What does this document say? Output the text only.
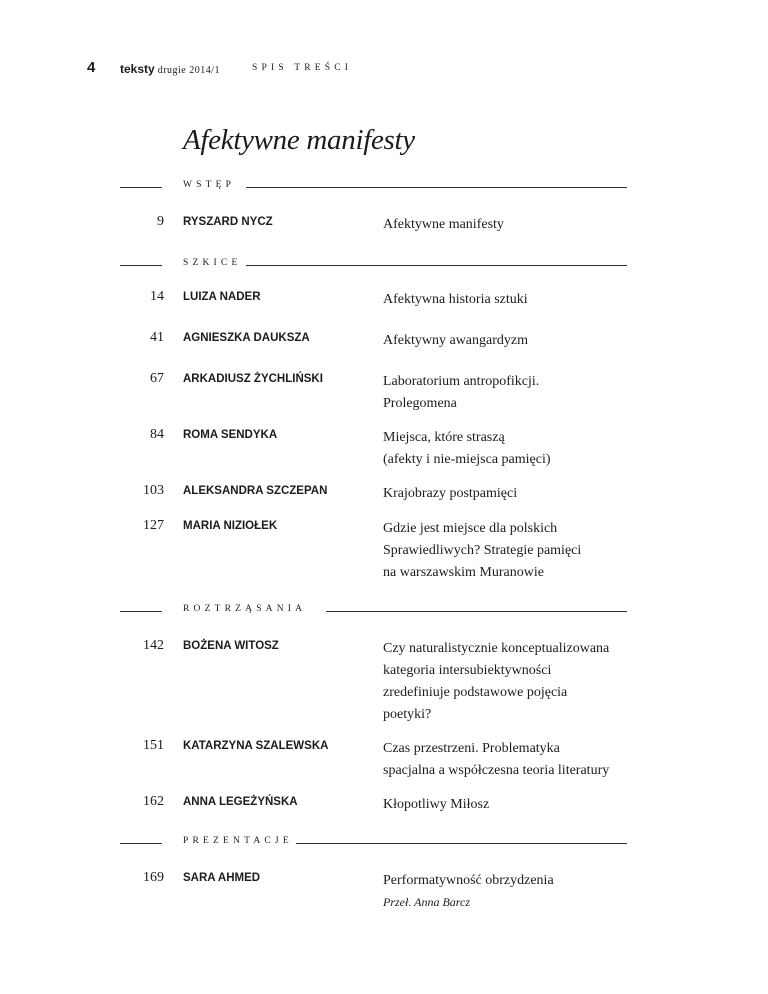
4 teksty drugie 2014/1	SPIS TREŚCI
Afektywne manifesty
WSTĘP
9 RYSZARD NYCZ	Afektywne manifesty
SZKICE
14 LUIZA NADER	Afektywna historia sztuki
41 AGNIESZKA DAUKSZA	Afektywny awangardyzm
67 ARKADIUSZ ŻYCHLIŃSKI	Laboratorium antropofikcji.
Prolegomena
84 ROMA SENDYKA	Miejsca, które straszą
(afekty i nie-miejsca pamięci)
103 ALEKSANDRA SZCZEPAN	Krajobrazy postpamięci
127 MARIA NIZIOŁEK	Gdzie jest miejsce dla polskich
Sprawiedliwych? Strategie pamięci
na warszawskim Muranowie
ROZTRZĄSANIA
142 BOŻENA WITOSZ	Czy naturalistycznie konceptualizowana
kategoria intersubiektywności
zredefiniuje podstawowe pojęcia
poetyki?
151 KATARZYNA SZALEWSKA	Czas przestrzeni. Problematyka
spacjalna a współczesna teoria literatury
162 ANNA LEGEŻYŃSKA	Kłopotliwy Miłosz
PREZENTACJE
169 SARA AHMED	Performatywność obrzydzenia
Przeł. Anna Barcz
